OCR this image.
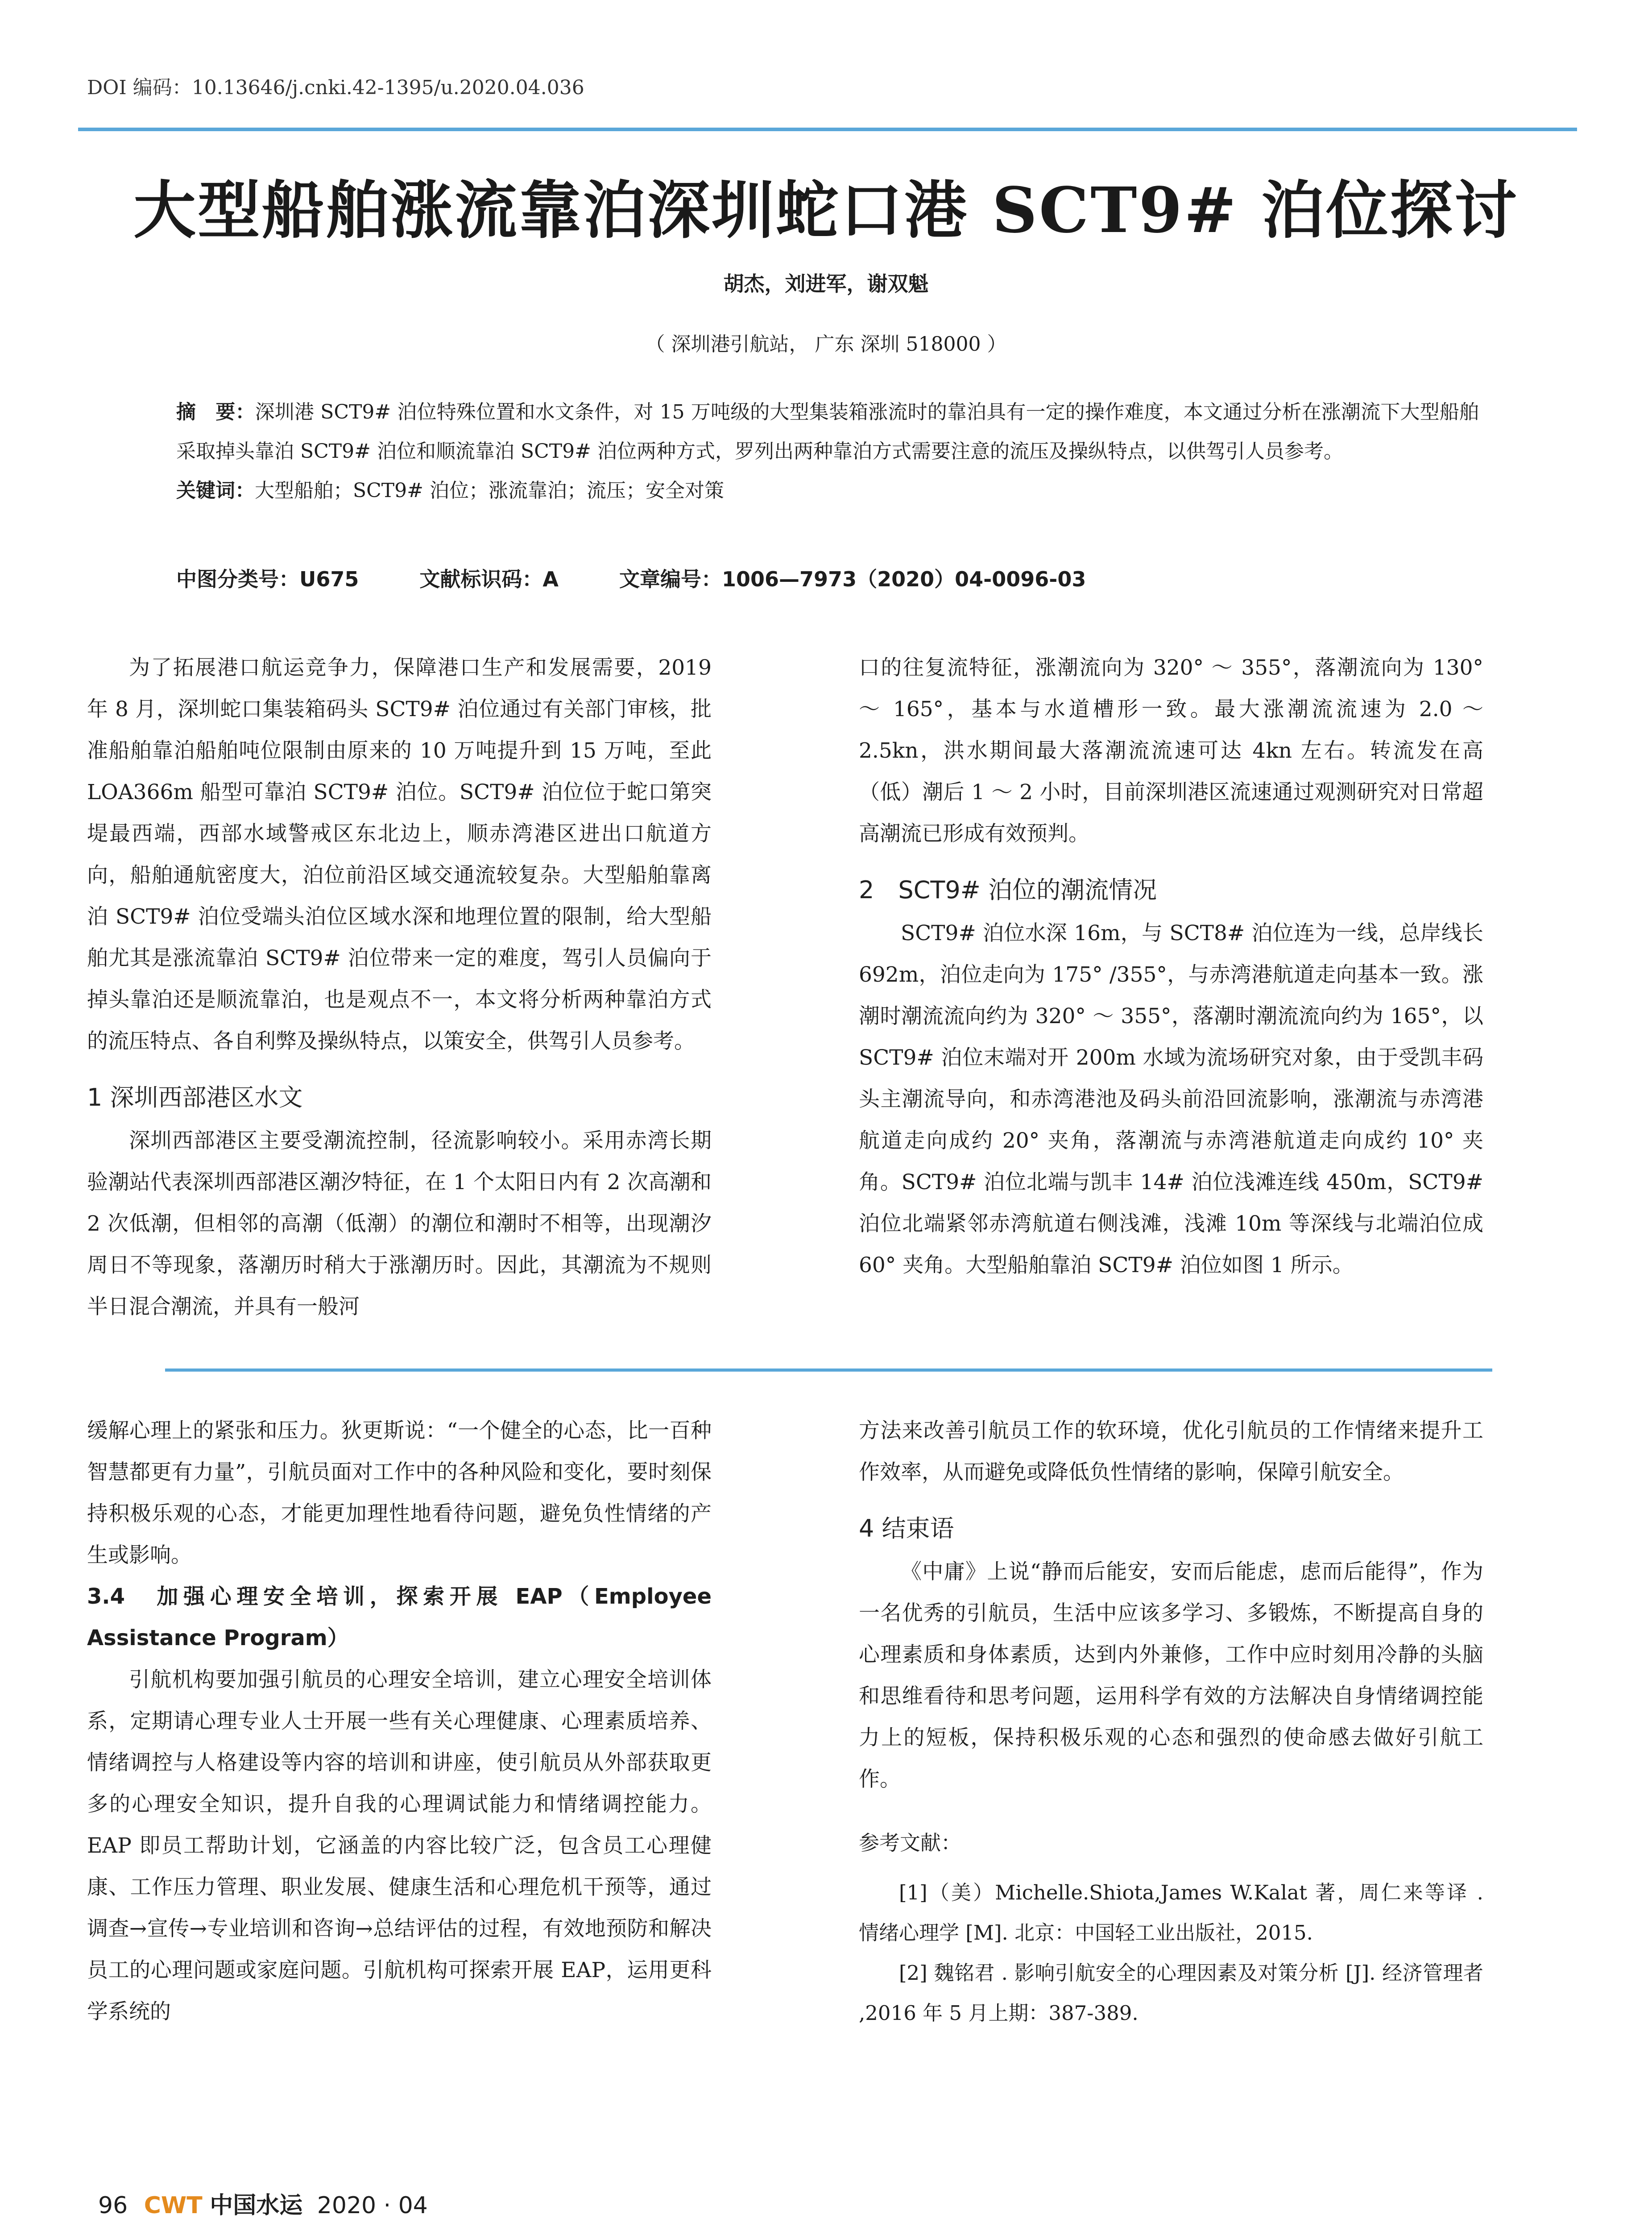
DOI 编码：10.13646/j.cnki.42-1395/u.2020.04.036
大型船舶涨流靠泊深圳蛇口港 SCT9# 泊位探讨
胡杰，刘进军，谢双魁
（ 深圳港引航站， 广东 深圳 518000 ）
摘　要：深圳港 SCT9# 泊位特殊位置和水文条件，对 15 万吨级的大型集装箱涨流时的靠泊具有一定的操作难度，本文通过分析在涨潮流下大型船舶采取掉头靠泊 SCT9# 泊位和顺流靠泊 SCT9# 泊位两种方式，罗列出两种靠泊方式需要注意的流压及操纵特点，以供驾引人员参考。
关键词：大型船舶；SCT9# 泊位；涨流靠泊；流压；安全对策
中图分类号：U675	文献标识码：A	文章编号：1006—7973（2020）04-0096-03

为了拓展港口航运竞争力，保障港口生产和发展需要，2019 年 8 月，深圳蛇口集装箱码头 SCT9# 泊位通过有关部门审核，批准船舶靠泊船舶吨位限制由原来的 10 万吨提升到 15 万吨，至此 LOA366m 船型可靠泊 SCT9# 泊位。SCT9# 泊位位于蛇口第突堤最西端，西部水域警戒区东北边上，顺赤湾港区进出口航道方向，船舶通航密度大，泊位前沿区域交通流较复杂。大型船舶靠离泊 SCT9# 泊位受端头泊位区域水深和地理位置的限制，给大型船舶尤其是涨流靠泊 SCT9# 泊位带来一定的难度，驾引人员偏向于掉头靠泊还是顺流靠泊，也是观点不一，本文将分析两种靠泊方式的流压特点、各自利弊及操纵特点，以策安全，供驾引人员参考。

1 深圳西部港区水文

深圳西部港区主要受潮流控制，径流影响较小。采用赤湾长期验潮站代表深圳西部港区潮汐特征，在 1 个太阳日内有 2 次高潮和 2 次低潮，但相邻的高潮（低潮）的潮位和潮时不相等，出现潮汐周日不等现象，落潮历时稍大于涨潮历时。因此，其潮流为不规则半日混合潮流，并具有一般河

口的往复流特征，涨潮流向为 320° ～ 355°，落潮流向为 130° ～ 165°，基本与水道槽形一致。最大涨潮流流速为 2.0 ～ 2.5kn，洪水期间最大落潮流流速可达 4kn 左右。转流发在高（低）潮后 1 ～ 2 小时，目前深圳港区流速通过观测研究对日常超高潮流已形成有效预判。

2　SCT9# 泊位的潮流情况

SCT9# 泊位水深 16m，与 SCT8# 泊位连为一线，总岸线长 692m，泊位走向为 175° /355°，与赤湾港航道走向基本一致。涨潮时潮流流向约为 320° ～ 355°，落潮时潮流流向约为 165°，以 SCT9# 泊位末端对开 200m 水域为流场研究对象，由于受凯丰码头主潮流导向，和赤湾港池及码头前沿回流影响，涨潮流与赤湾港航道走向成约 20° 夹角，落潮流与赤湾港航道走向成约 10° 夹角。SCT9# 泊位北端与凯丰 14# 泊位浅滩连线 450m，SCT9# 泊位北端紧邻赤湾航道右侧浅滩，浅滩 10m 等深线与北端泊位成 60° 夹角。大型船舶靠泊 SCT9# 泊位如图 1 所示。

缓解心理上的紧张和压力。狄更斯说：“一个健全的心态，比一百种智慧都更有力量”，引航员面对工作中的各种风险和变化，要时刻保持积极乐观的心态，才能更加理性地看待问题，避免负性情绪的产生或影响。

3.4　加强心理安全培训，探索开展 EAP（Employee Assistance Program）

引航机构要加强引航员的心理安全培训，建立心理安全培训体系，定期请心理专业人士开展一些有关心理健康、心理素质培养、情绪调控与人格建设等内容的培训和讲座，使引航员从外部获取更多的心理安全知识，提升自我的心理调试能力和情绪调控能力。EAP 即员工帮助计划，它涵盖的内容比较广泛，包含员工心理健康、工作压力管理、职业发展、健康生活和心理危机干预等，通过调查→宣传→专业培训和咨询→总结评估的过程，有效地预防和解决员工的心理问题或家庭问题。引航机构可探索开展 EAP，运用更科学系统的

方法来改善引航员工作的软环境，优化引航员的工作情绪来提升工作效率，从而避免或降低负性情绪的影响，保障引航安全。

4 结束语

《中庸》上说“静而后能安，安而后能虑，虑而后能得”，作为一名优秀的引航员，生活中应该多学习、多锻炼，不断提高自身的心理素质和身体素质，达到内外兼修，工作中应时刻用冷静的头脑和思维看待和思考问题，运用科学有效的方法解决自身情绪调控能力上的短板，保持积极乐观的心态和强烈的使命感去做好引航工作。

参考文献：

[1]（美）Michelle.Shiota,James W.Kalat 著，周仁来等译 . 情绪心理学 [M]. 北京：中国轻工业出版社，2015.

[2] 魏铭君 . 影响引航安全的心理因素及对策分析 [J]. 经济管理者 ,2016 年 5 月上期：387-389.

96 CWT 中国水运 2020 · 04
